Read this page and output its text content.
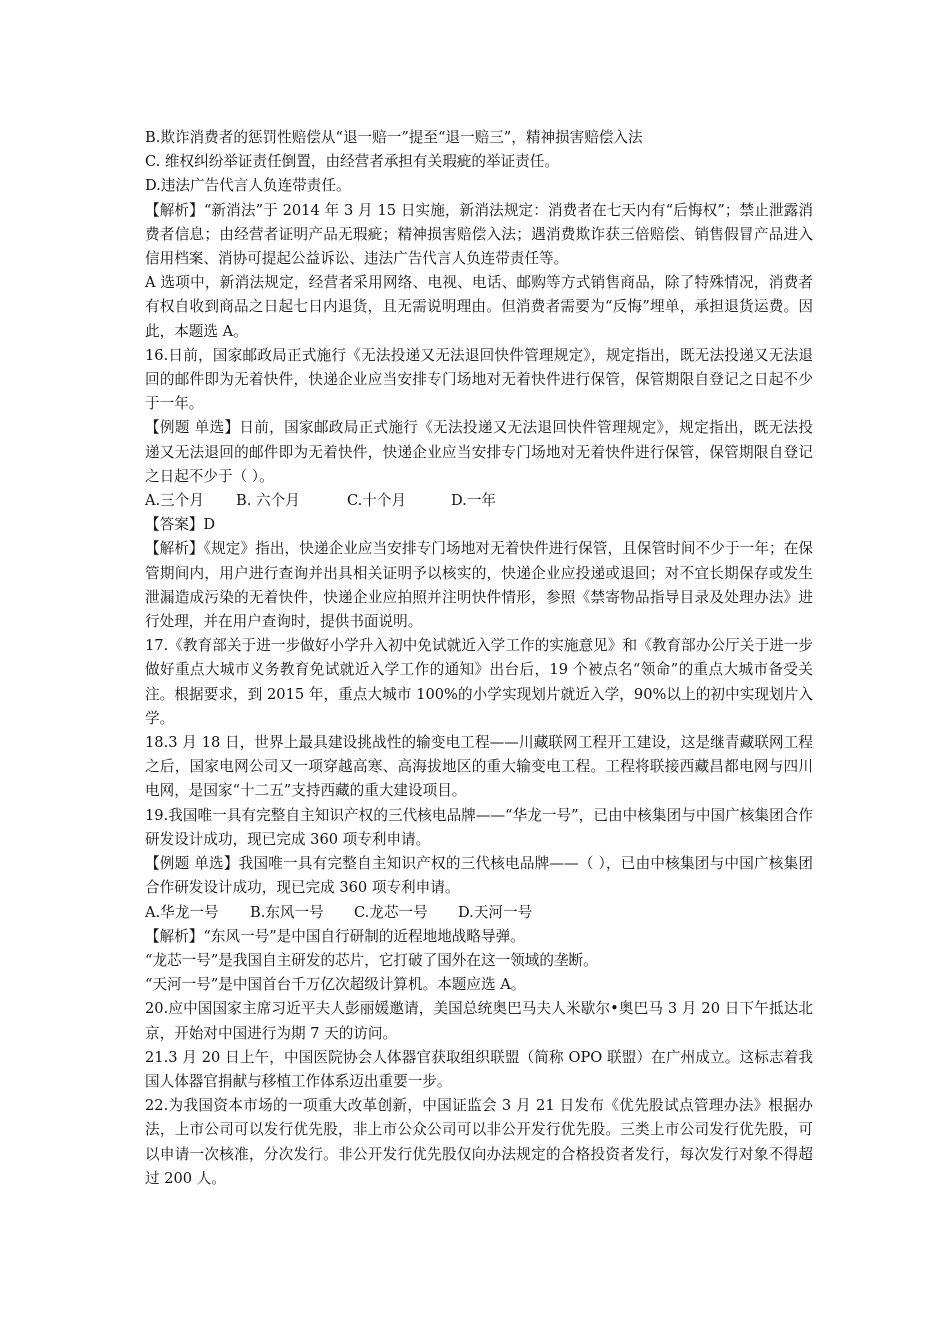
B.欺诈消费者的惩罚性赔偿从“退一赔一”提至“退一赔三”，精神损害赔偿入法

C. 维权纠纷举证责任倒置，由经营者承担有关瑕疵的举证责任。

D.违法广告代言人负连带责任。

【解析】“新消法”于 2014 年 3 月 15 日实施，新消法规定：消费者在七天内有“后悔权”；禁止泄露消费者信息；由经营者证明产品无瑕疵；精神损害赔偿入法；遇消费欺诈获三倍赔偿、销售假冒产品进入信用档案、消协可提起公益诉讼、违法广告代言人负连带责任等。

A 选项中，新消法规定，经营者采用网络、电视、电话、邮购等方式销售商品，除了特殊情况，消费者有权自收到商品之日起七日内退货，且无需说明理由。但消费者需要为“反悔”埋单，承担退货运费。因此，本题选 A。

16.日前，国家邮政局正式施行《无法投递又无法退回快件管理规定》，规定指出，既无法投递又无法退回的邮件即为无着快件，快递企业应当安排专门场地对无着快件进行保管，保管期限自登记之日起不少于一年。

【例题 单选】日前，国家邮政局正式施行《无法投递又无法退回快件管理规定》，规定指出，既无法投递又无法退回的邮件即为无着快件，快递企业应当安排专门场地对无着快件进行保管，保管期限自登记之日起不少于（ ）。

A.三个月	B. 六个月	C.十个月	D.一年

【答案】D

【解析】《规定》指出，快递企业应当安排专门场地对无着快件进行保管，且保管时间不少于一年；在保管期间内，用户进行查询并出具相关证明予以核实的，快递企业应投递或退回；对不宜长期保存或发生泄漏造成污染的无着快件，快递企业应拍照并注明快件情形，参照《禁寄物品指导目录及处理办法》进行处理，并在用户查询时，提供书面说明。

17.《教育部关于进一步做好小学升入初中免试就近入学工作的实施意见》和《教育部办公厅关于进一步做好重点大城市义务教育免试就近入学工作的通知》出台后，19 个被点名“领命”的重点大城市备受关注。根据要求，到 2015 年，重点大城市 100%的小学实现划片就近入学，90%以上的初中实现划片入学。

18.3 月 18 日，世界上最具建设挑战性的输变电工程——川藏联网工程开工建设，这是继青藏联网工程之后，国家电网公司又一项穿越高寒、高海拔地区的重大输变电工程。工程将联接西藏昌都电网与四川电网，是国家“十二五”支持西藏的重大建设项目。

19.我国唯一具有完整自主知识产权的三代核电品牌——“华龙一号”，已由中核集团与中国广核集团合作研发设计成功，现已完成 360 项专利申请。

【例题 单选】我国唯一具有完整自主知识产权的三代核电品牌——（ ），已由中核集团与中国广核集团合作研发设计成功，现已完成 360 项专利申请。

A.华龙一号	B.东风一号	C.龙芯一号	D.天河一号

【解析】“东风一号”是中国自行研制的近程地地战略导弹。

“龙芯一号”是我国自主研发的芯片，它打破了国外在这一领域的垄断。

“天河一号”是中国首台千万亿次超级计算机。本题应选 A。

20.应中国国家主席习近平夫人彭丽媛邀请，美国总统奥巴马夫人米歇尔•奥巴马 3 月 20 日下午抵达北京，开始对中国进行为期 7 天的访问。

21.3 月 20 日上午，中国医院协会人体器官获取组织联盟（简称 OPO 联盟）在广州成立。这标志着我国人体器官捐献与移植工作体系迈出重要一步。

22.为我国资本市场的一项重大改革创新，中国证监会 3 月 21 日发布《优先股试点管理办法》根据办法，上市公司可以发行优先股，非上市公众公司可以非公开发行优先股。三类上市公司发行优先股，可以申请一次核准，分次发行。非公开发行优先股仅向办法规定的合格投资者发行，每次发行对象不得超过 200 人。
